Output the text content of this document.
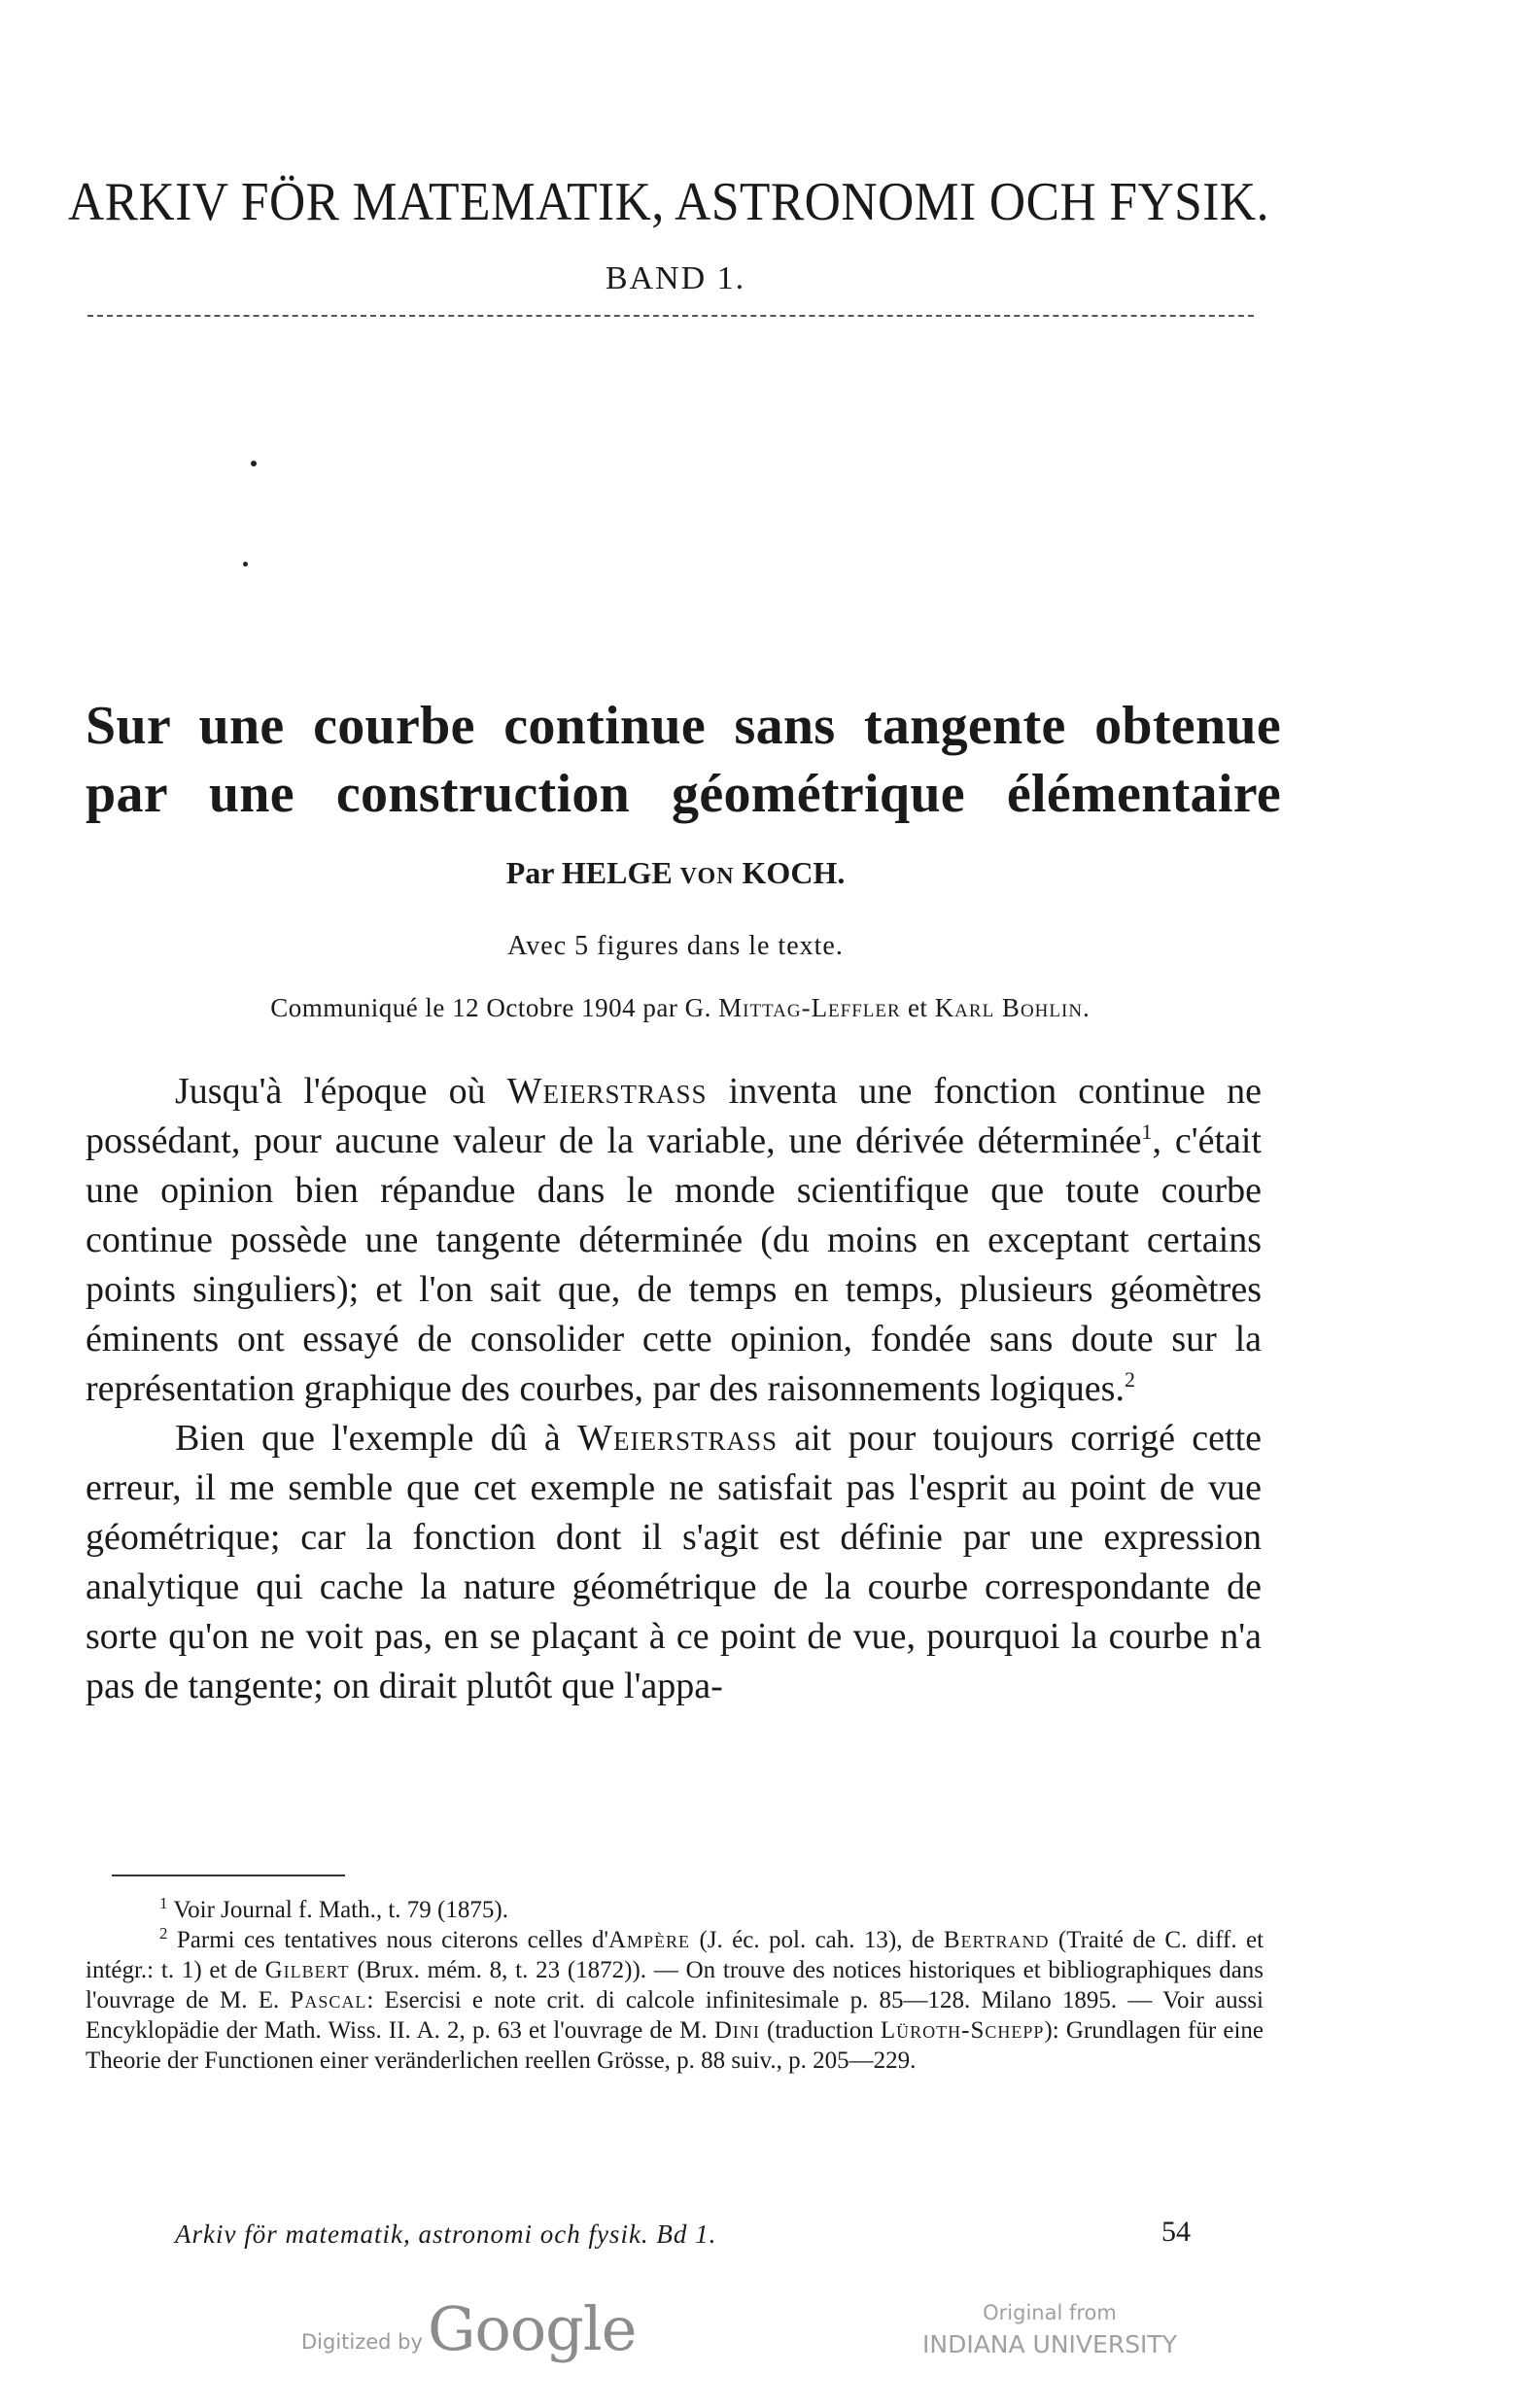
ARKIV FÖR MATEMATIK, ASTRONOMI OCH FYSIK.
BAND 1.
Sur une courbe continue sans tangente obtenue
par une construction géométrique élémentaire
Par HELGE VON KOCH.
Avec 5 figures dans le texte.
Communiqué le 12 Octobre 1904 par G. Mittag-Leffler et Karl Bohlin.

Jusqu'à l'époque où Weierstrass inventa une fonction continue ne possédant, pour aucune valeur de la variable, une dérivée déterminée$^1$, c'était une opinion bien répandue dans le monde scientifique que toute courbe continue possède une tangente déterminée (du moins en exceptant certains points singuliers); et l'on sait que, de temps en temps, plusieurs géomètres éminents ont essayé de consolider cette opinion, fondée sans doute sur la représentation graphique des courbes, par des raisonnements logiques.$^2$

Bien que l'exemple dû à Weierstrass ait pour toujours corrigé cette erreur, il me semble que cet exemple ne satisfait pas l'esprit au point de vue géométrique; car la fonction dont il s'agit est définie par une expression analytique qui cache la nature géométrique de la courbe correspondante de sorte qu'on ne voit pas, en se plaçant à ce point de vue, pourquoi la courbe n'a pas de tangente; on dirait plutôt que l'appa-

$^1$ Voir Journal f. Math., t. 79 (1875).

$^2$ Parmi ces tentatives nous citerons celles d'Ampère (J. éc. pol. cah. 13), de Bertrand (Traité de C. diff. et intégr.: t. 1) et de Gilbert (Brux. mém. 8, t. 23 (1872)). — On trouve des notices historiques et bibliographiques dans l'ouvrage de M. E. Pascal: Esercisi e note crit. di calcole infinitesimale p. 85—128. Milano 1895. — Voir aussi Encyklopädie der Math. Wiss. II. A. 2, p. 63 et l'ouvrage de M. Dini (traduction Lüroth-Schepp): Grundlagen für eine Theorie der Functionen einer veränderlichen reellen Grösse, p. 88 suiv., p. 205—229.

Arkiv för matematik, astronomi och fysik. Bd 1.	54
Digitized by Google	Original from
INDIANA UNIVERSITY
